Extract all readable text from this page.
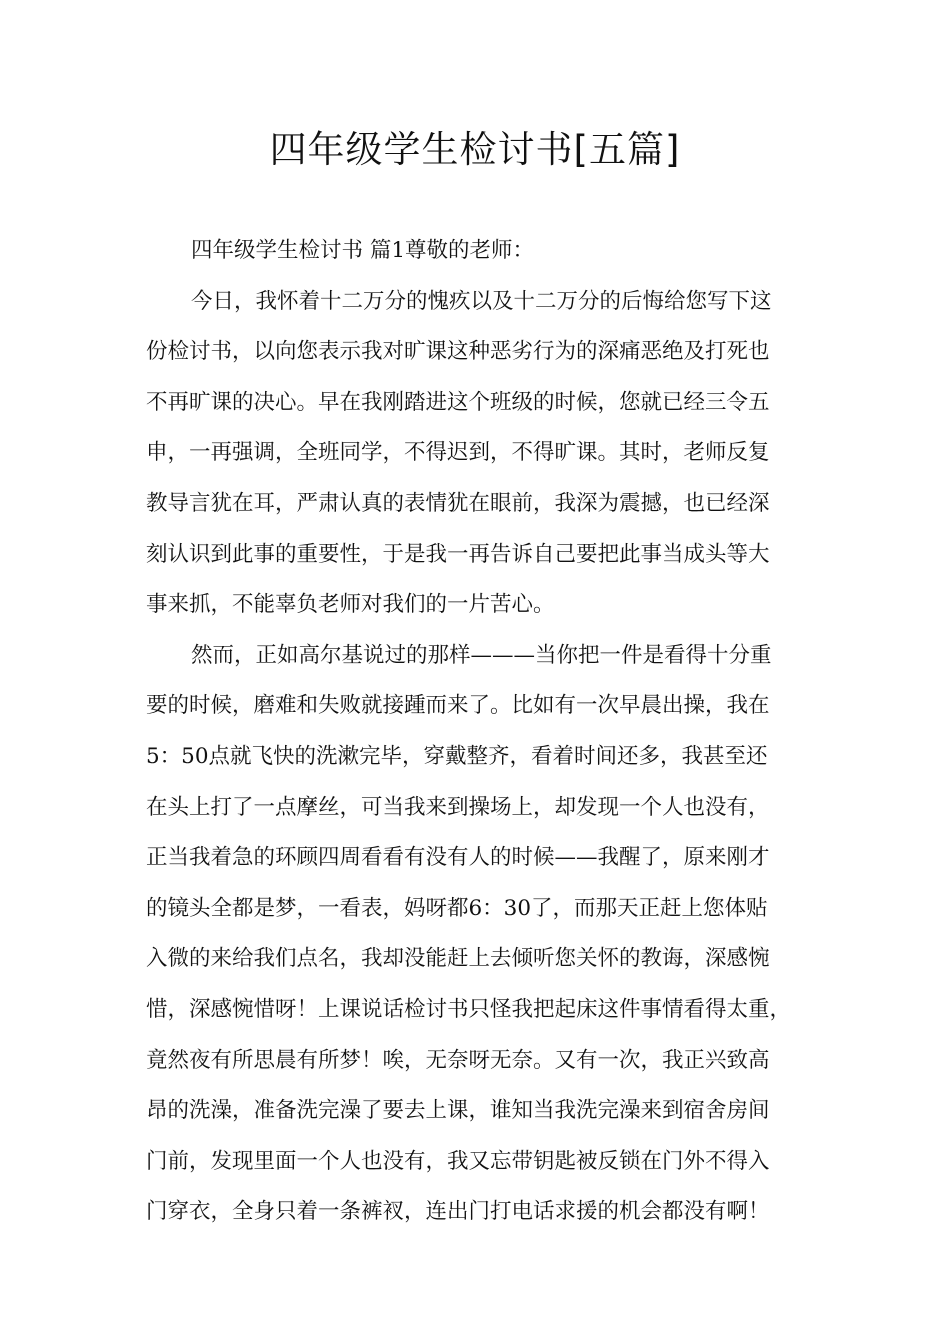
四年级学生检讨书[五篇]
四年级学生检讨书 篇1尊敬的老师：
今日，我怀着十二万分的愧疚以及十二万分的后悔给您写下这
份检讨书，以向您表示我对旷课这种恶劣行为的深痛恶绝及打死也
不再旷课的决心。早在我刚踏进这个班级的时候，您就已经三令五
申，一再强调，全班同学，不得迟到，不得旷课。其时，老师反复
教导言犹在耳，严肃认真的表情犹在眼前，我深为震撼，也已经深
刻认识到此事的重要性，于是我一再告诉自己要把此事当成头等大
事来抓，不能辜负老师对我们的一片苦心。
然而，正如高尔基说过的那样———当你把一件是看得十分重
要的时候，磨难和失败就接踵而来了。比如有一次早晨出操，我在
5：50点就飞快的洗漱完毕，穿戴整齐，看着时间还多，我甚至还
在头上打了一点摩丝，可当我来到操场上，却发现一个人也没有，
正当我着急的环顾四周看看有没有人的时候——我醒了，原来刚才
的镜头全都是梦，一看表，妈呀都6：30了，而那天正赶上您体贴
入微的来给我们点名，我却没能赶上去倾听您关怀的教诲，深感惋
惜，深感惋惜呀！上课说话检讨书只怪我把起床这件事情看得太重，
竟然夜有所思晨有所梦！唉，无奈呀无奈。又有一次，我正兴致高
昂的洗澡，准备洗完澡了要去上课，谁知当我洗完澡来到宿舍房间
门前，发现里面一个人也没有，我又忘带钥匙被反锁在门外不得入
门穿衣，全身只着一条裤衩，连出门打电话求援的机会都没有啊！
